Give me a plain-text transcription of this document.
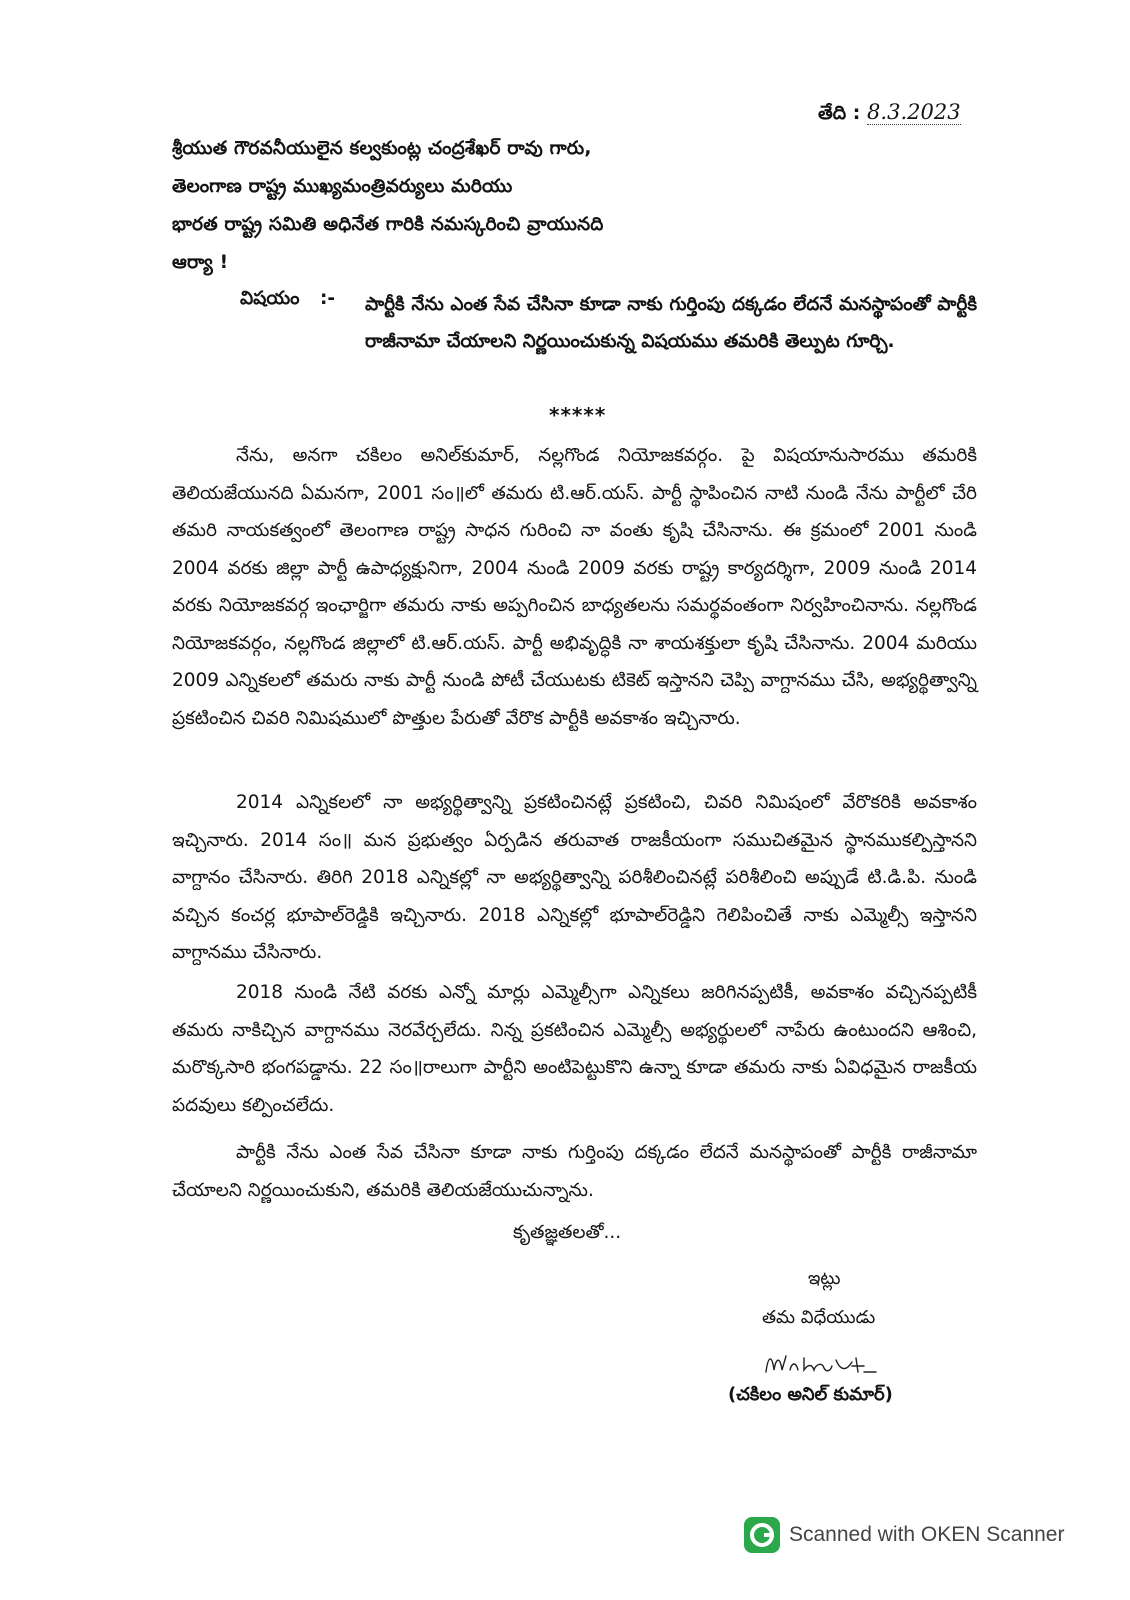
తేది : 8.3.2023
శ్రీయుత గౌరవనీయులైన కల్వకుంట్ల చంద్రశేఖర్ రావు గారు,
తెలంగాణ రాష్ట్ర ముఖ్యమంత్రివర్యులు మరియు
భారత రాష్ట్ర సమితి అధినేత గారికి నమస్కరించి వ్రాయునది
ఆర్యా !
విషయం :- పార్టీకి నేను ఎంత సేవ చేసినా కూడా నాకు గుర్తింపు దక్కడం లేదనే మనస్థాపంతో పార్టీకి రాజీనామా చేయాలని నిర్ణయించుకున్న విషయము తమరికి తెల్పుట గూర్చి.
*****
నేను, అనగా చకిలం అనిల్‌కుమార్, నల్లగొండ నియోజకవర్గం. పై విషయానుసారము తమరికి తెలియజేయునది ఏమనగా, 2001 సం॥లో తమరు టి.ఆర్.యస్. పార్టీ స్థాపించిన నాటి నుండి నేను పార్టీలో చేరి తమరి నాయకత్వంలో తెలంగాణ రాష్ట్ర సాధన గురించి నా వంతు కృషి చేసినాను. ఈ క్రమంలో 2001 నుండి 2004 వరకు జిల్లా పార్టీ ఉపాధ్యక్షునిగా, 2004 నుండి 2009 వరకు రాష్ట్ర కార్యదర్శిగా, 2009 నుండి 2014 వరకు నియోజకవర్గ ఇంఛార్జిగా తమరు నాకు అప్పగించిన బాధ్యతలను సమర్థవంతంగా నిర్వహించినాను. నల్లగొండ నియోజకవర్గం, నల్లగొండ జిల్లాలో టి.ఆర్.యస్. పార్టీ అభివృద్ధికి నా శాయశక్తులా కృషి చేసినాను. 2004 మరియు 2009 ఎన్నికలలో తమరు నాకు పార్టీ నుండి పోటీ చేయుటకు టికెట్ ఇస్తానని చెప్పి వాగ్దానము చేసి, అభ్యర్థిత్వాన్ని ప్రకటించిన చివరి నిమిషములో పొత్తుల పేరుతో వేరొక పార్టీకి అవకాశం ఇచ్చినారు.
2014 ఎన్నికలలో నా అభ్యర్థిత్వాన్ని ప్రకటించినట్లే ప్రకటించి, చివరి నిమిషంలో వేరొకరికి అవకాశం ఇచ్చినారు. 2014 సం॥ మన ప్రభుత్వం ఏర్పడిన తరువాత రాజకీయంగా సముచితమైన స్థానముకల్పిస్తానని వాగ్దానం చేసినారు. తిరిగి 2018 ఎన్నికల్లో నా అభ్యర్థిత్వాన్ని పరిశీలించినట్లే పరిశీలించి అప్పుడే టి.డి.పి. నుండి వచ్చిన కంచర్ల భూపాల్‌రెడ్డికి ఇచ్చినారు. 2018 ఎన్నికల్లో భూపాల్‌రెడ్డిని గెలిపించితే నాకు ఎమ్మెల్సీ ఇస్తానని వాగ్దానము చేసినారు.
2018 నుండి నేటి వరకు ఎన్నో మార్లు ఎమ్మెల్సీగా ఎన్నికలు జరిగినప్పటికీ, అవకాశం వచ్చినప్పటికీ తమరు నాకిచ్చిన వాగ్దానము నెరవేర్చలేదు. నిన్న ప్రకటించిన ఎమ్మెల్సీ అభ్యర్థులలో నాపేరు ఉంటుందని ఆశించి, మరొక్కసారి భంగపడ్డాను. 22 సం॥రాలుగా పార్టీని అంటిపెట్టుకొని ఉన్నా కూడా తమరు నాకు ఏవిధమైన రాజకీయ పదవులు కల్పించలేదు.
పార్టీకి నేను ఎంత సేవ చేసినా కూడా నాకు గుర్తింపు దక్కడం లేదనే మనస్థాపంతో పార్టీకి రాజీనామా చేయాలని నిర్ణయించుకుని, తమరికి తెలియజేయుచున్నాను.
కృతజ్ఞతలతో...
ఇట్లు
తమ విధేయుడు
(చకిలం అనిల్ కుమార్)
Scanned with OKEN Scanner
